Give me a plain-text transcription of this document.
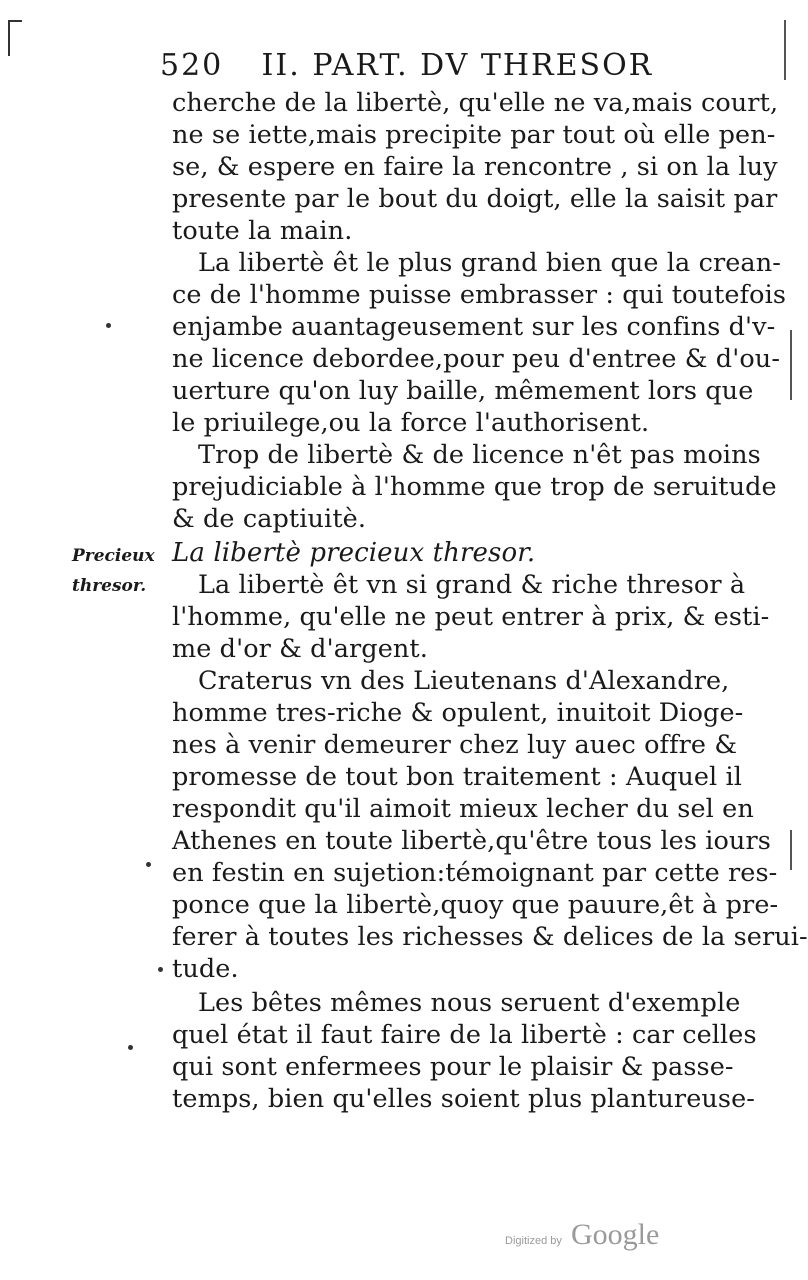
520 II. PART. DV THRESOR
Precieux
thresor.
cherche de la libertè, qu'elle ne va,mais court,
ne se iette,mais precipite par tout où elle pen-
se, & espere en faire la rencontre , si on la luy
presente par le bout du doigt, elle la saisit par
toute la main.
La libertè êt le plus grand bien que la crean-
ce de l'homme puisse embrasser : qui toutefois
enjambe auantageusement sur les confins d'v-
ne licence debordee,pour peu d'entree & d'ou-
uerture qu'on luy baille, mêmement lors que
le priuilege,ou la force l'authorisent.
Trop de libertè & de licence n'êt pas moins
prejudiciable à l'homme que trop de seruitude
& de captiuitè.
La libertè precieux thresor.
La libertè êt vn si grand & riche thresor à
l'homme, qu'elle ne peut entrer à prix, & esti-
me d'or & d'argent.
Craterus vn des Lieutenans d'Alexandre,
homme tres-riche & opulent, inuitoit Dioge-
nes à venir demeurer chez luy auec offre &
promesse de tout bon traitement : Auquel il
respondit qu'il aimoit mieux lecher du sel en
Athenes en toute libertè,qu'être tous les iours
en festin en sujetion:témoignant par cette res-
ponce que la libertè,quoy que pauure,êt à pre-
ferer à toutes les richesses & delices de la serui-
tude.
Les bêtes mêmes nous seruent d'exemple
quel état il faut faire de la libertè : car celles
qui sont enfermees pour le plaisir & passe-
temps, bien qu'elles soient plus plantureuse-
Digitized by Google
